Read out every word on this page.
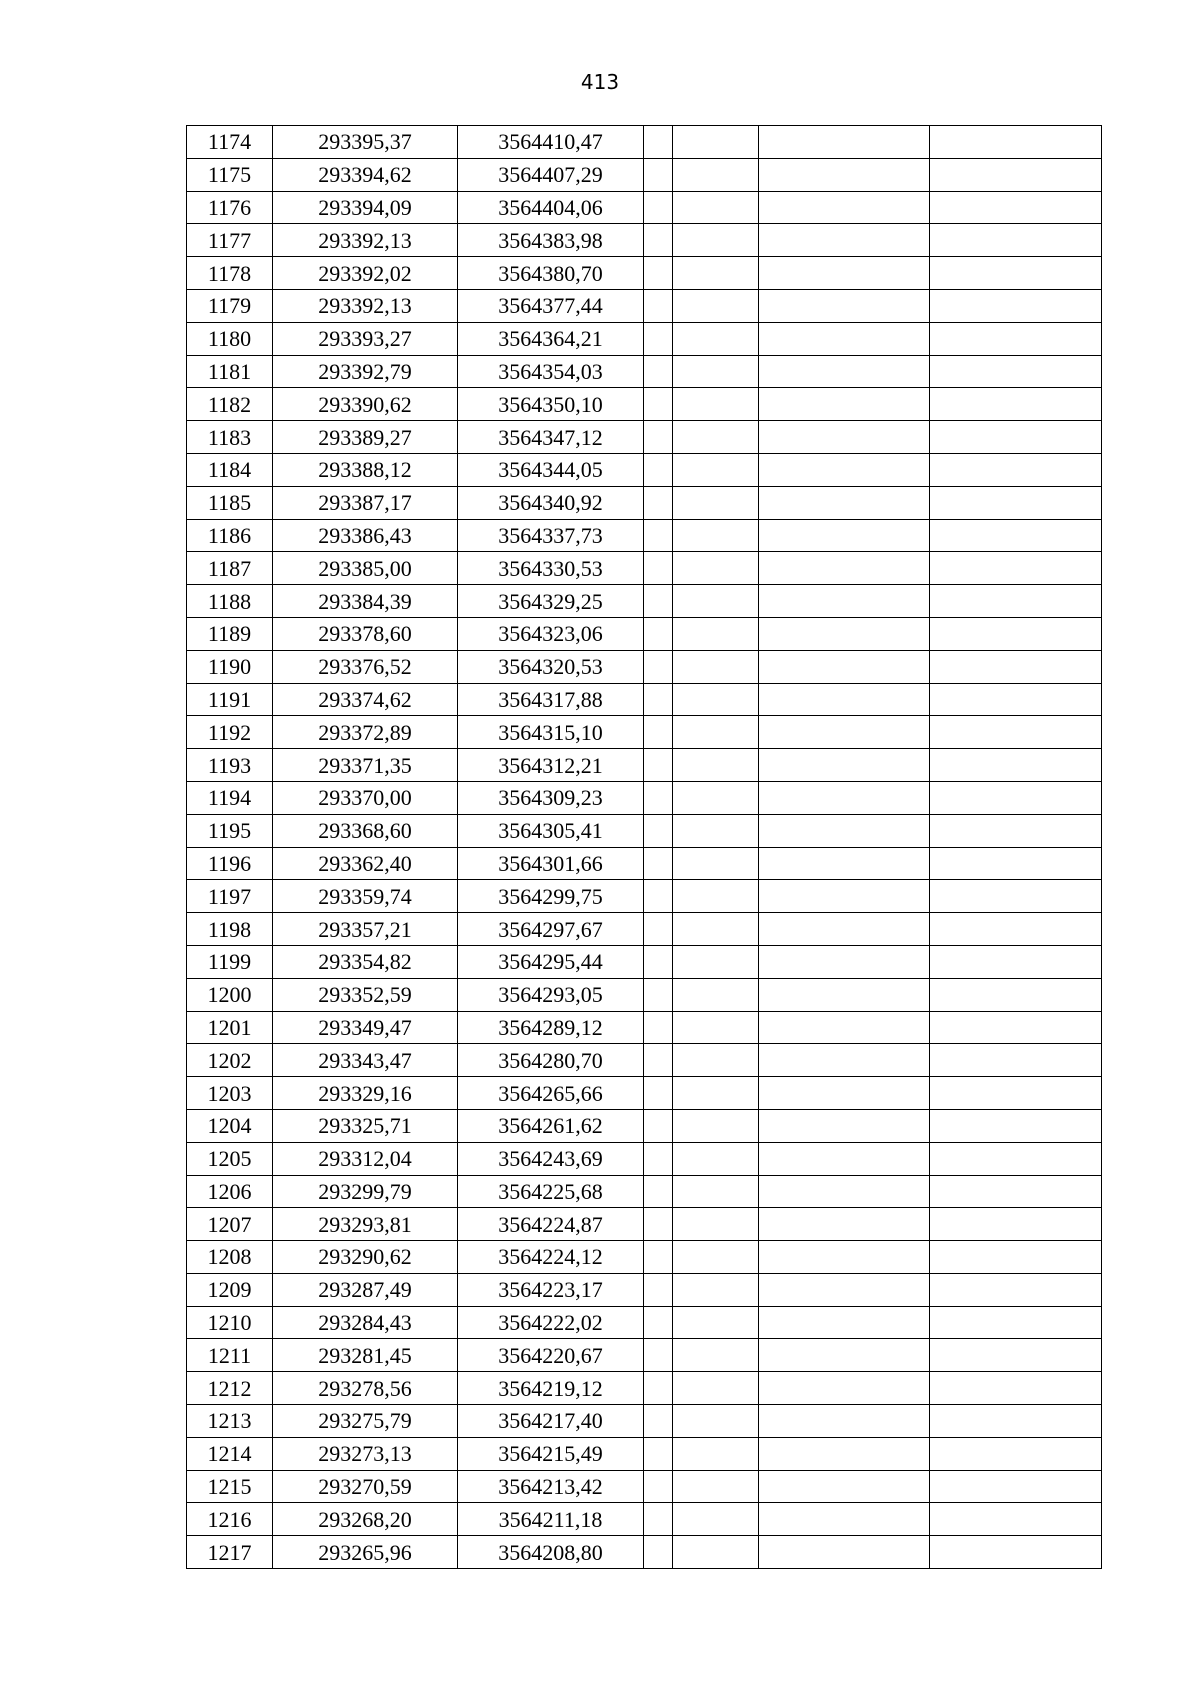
413
1174	293395,37	3564410,47				
1175	293394,62	3564407,29				
1176	293394,09	3564404,06				
1177	293392,13	3564383,98				
1178	293392,02	3564380,70				
1179	293392,13	3564377,44				
1180	293393,27	3564364,21				
1181	293392,79	3564354,03				
1182	293390,62	3564350,10				
1183	293389,27	3564347,12				
1184	293388,12	3564344,05				
1185	293387,17	3564340,92				
1186	293386,43	3564337,73				
1187	293385,00	3564330,53				
1188	293384,39	3564329,25				
1189	293378,60	3564323,06				
1190	293376,52	3564320,53				
1191	293374,62	3564317,88				
1192	293372,89	3564315,10				
1193	293371,35	3564312,21				
1194	293370,00	3564309,23				
1195	293368,60	3564305,41				
1196	293362,40	3564301,66				
1197	293359,74	3564299,75				
1198	293357,21	3564297,67				
1199	293354,82	3564295,44				
1200	293352,59	3564293,05				
1201	293349,47	3564289,12				
1202	293343,47	3564280,70				
1203	293329,16	3564265,66				
1204	293325,71	3564261,62				
1205	293312,04	3564243,69				
1206	293299,79	3564225,68				
1207	293293,81	3564224,87				
1208	293290,62	3564224,12				
1209	293287,49	3564223,17				
1210	293284,43	3564222,02				
1211	293281,45	3564220,67				
1212	293278,56	3564219,12				
1213	293275,79	3564217,40				
1214	293273,13	3564215,49				
1215	293270,59	3564213,42				
1216	293268,20	3564211,18				
1217	293265,96	3564208,80				
